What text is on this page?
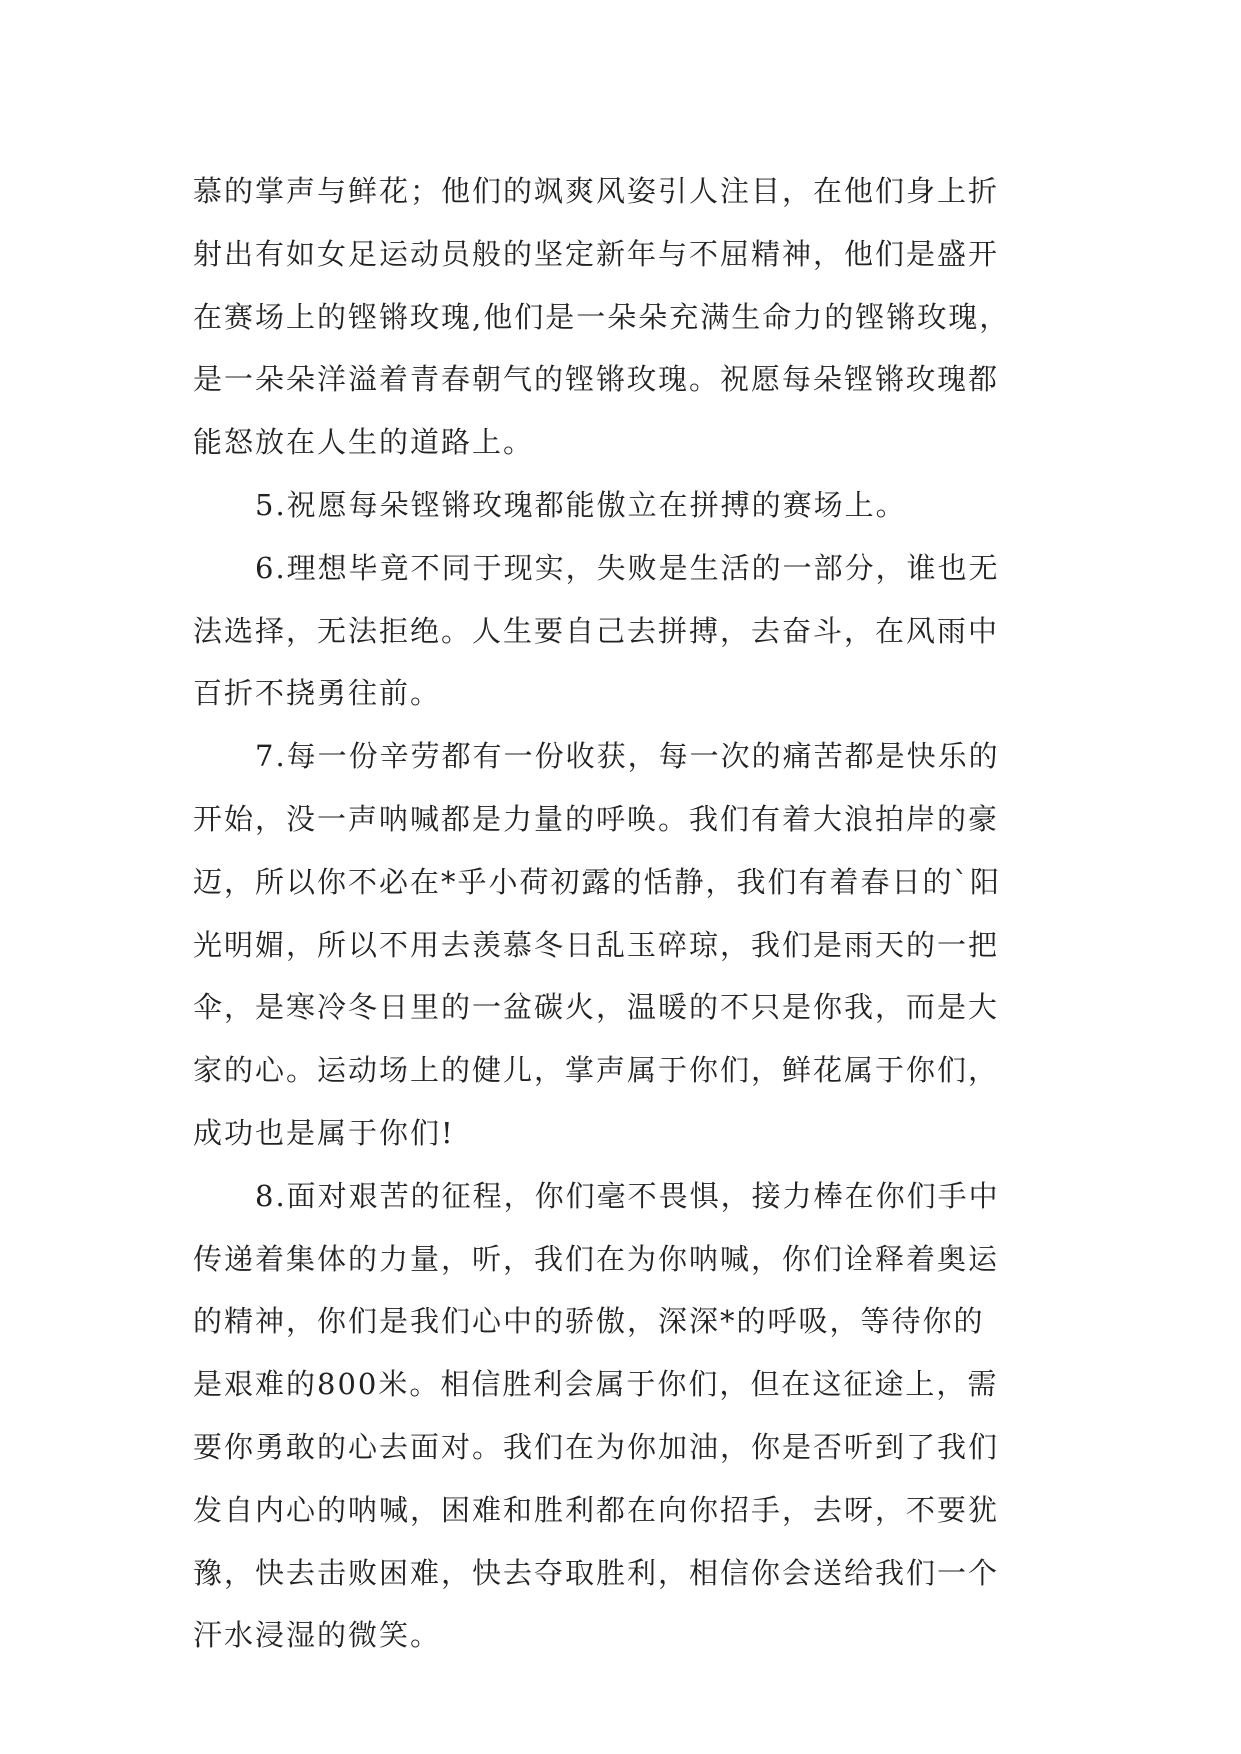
慕的掌声与鲜花；他们的飒爽风姿引人注目，在他们身上折
射出有如女足运动员般的坚定新年与不屈精神，他们是盛开
在赛场上的铿锵玫瑰,他们是一朵朵充满生命力的铿锵玫瑰，
是一朵朵洋溢着青春朝气的铿锵玫瑰。祝愿每朵铿锵玫瑰都
能怒放在人生的道路上。
5.祝愿每朵铿锵玫瑰都能傲立在拼搏的赛场上。
6.理想毕竟不同于现实，失败是生活的一部分，谁也无
法选择，无法拒绝。人生要自己去拼搏，去奋斗，在风雨中
百折不挠勇往前。
7.每一份辛劳都有一份收获，每一次的痛苦都是快乐的
开始，没一声呐喊都是力量的呼唤。我们有着大浪拍岸的豪
迈，所以你不必在*乎小荷初露的恬静，我们有着春日的`阳
光明媚，所以不用去羡慕冬日乱玉碎琼，我们是雨天的一把
伞，是寒冷冬日里的一盆碳火，温暖的不只是你我，而是大
家的心。运动场上的健儿，掌声属于你们，鲜花属于你们，
成功也是属于你们!
8.面对艰苦的征程，你们毫不畏惧，接力棒在你们手中
传递着集体的力量，听，我们在为你呐喊，你们诠释着奥运
的精神，你们是我们心中的骄傲，深深*的呼吸，等待你的
是艰难的800米。相信胜利会属于你们，但在这征途上，需
要你勇敢的心去面对。我们在为你加油，你是否听到了我们
发自内心的呐喊，困难和胜利都在向你招手，去呀，不要犹
豫，快去击败困难，快去夺取胜利，相信你会送给我们一个
汗水浸湿的微笑。
